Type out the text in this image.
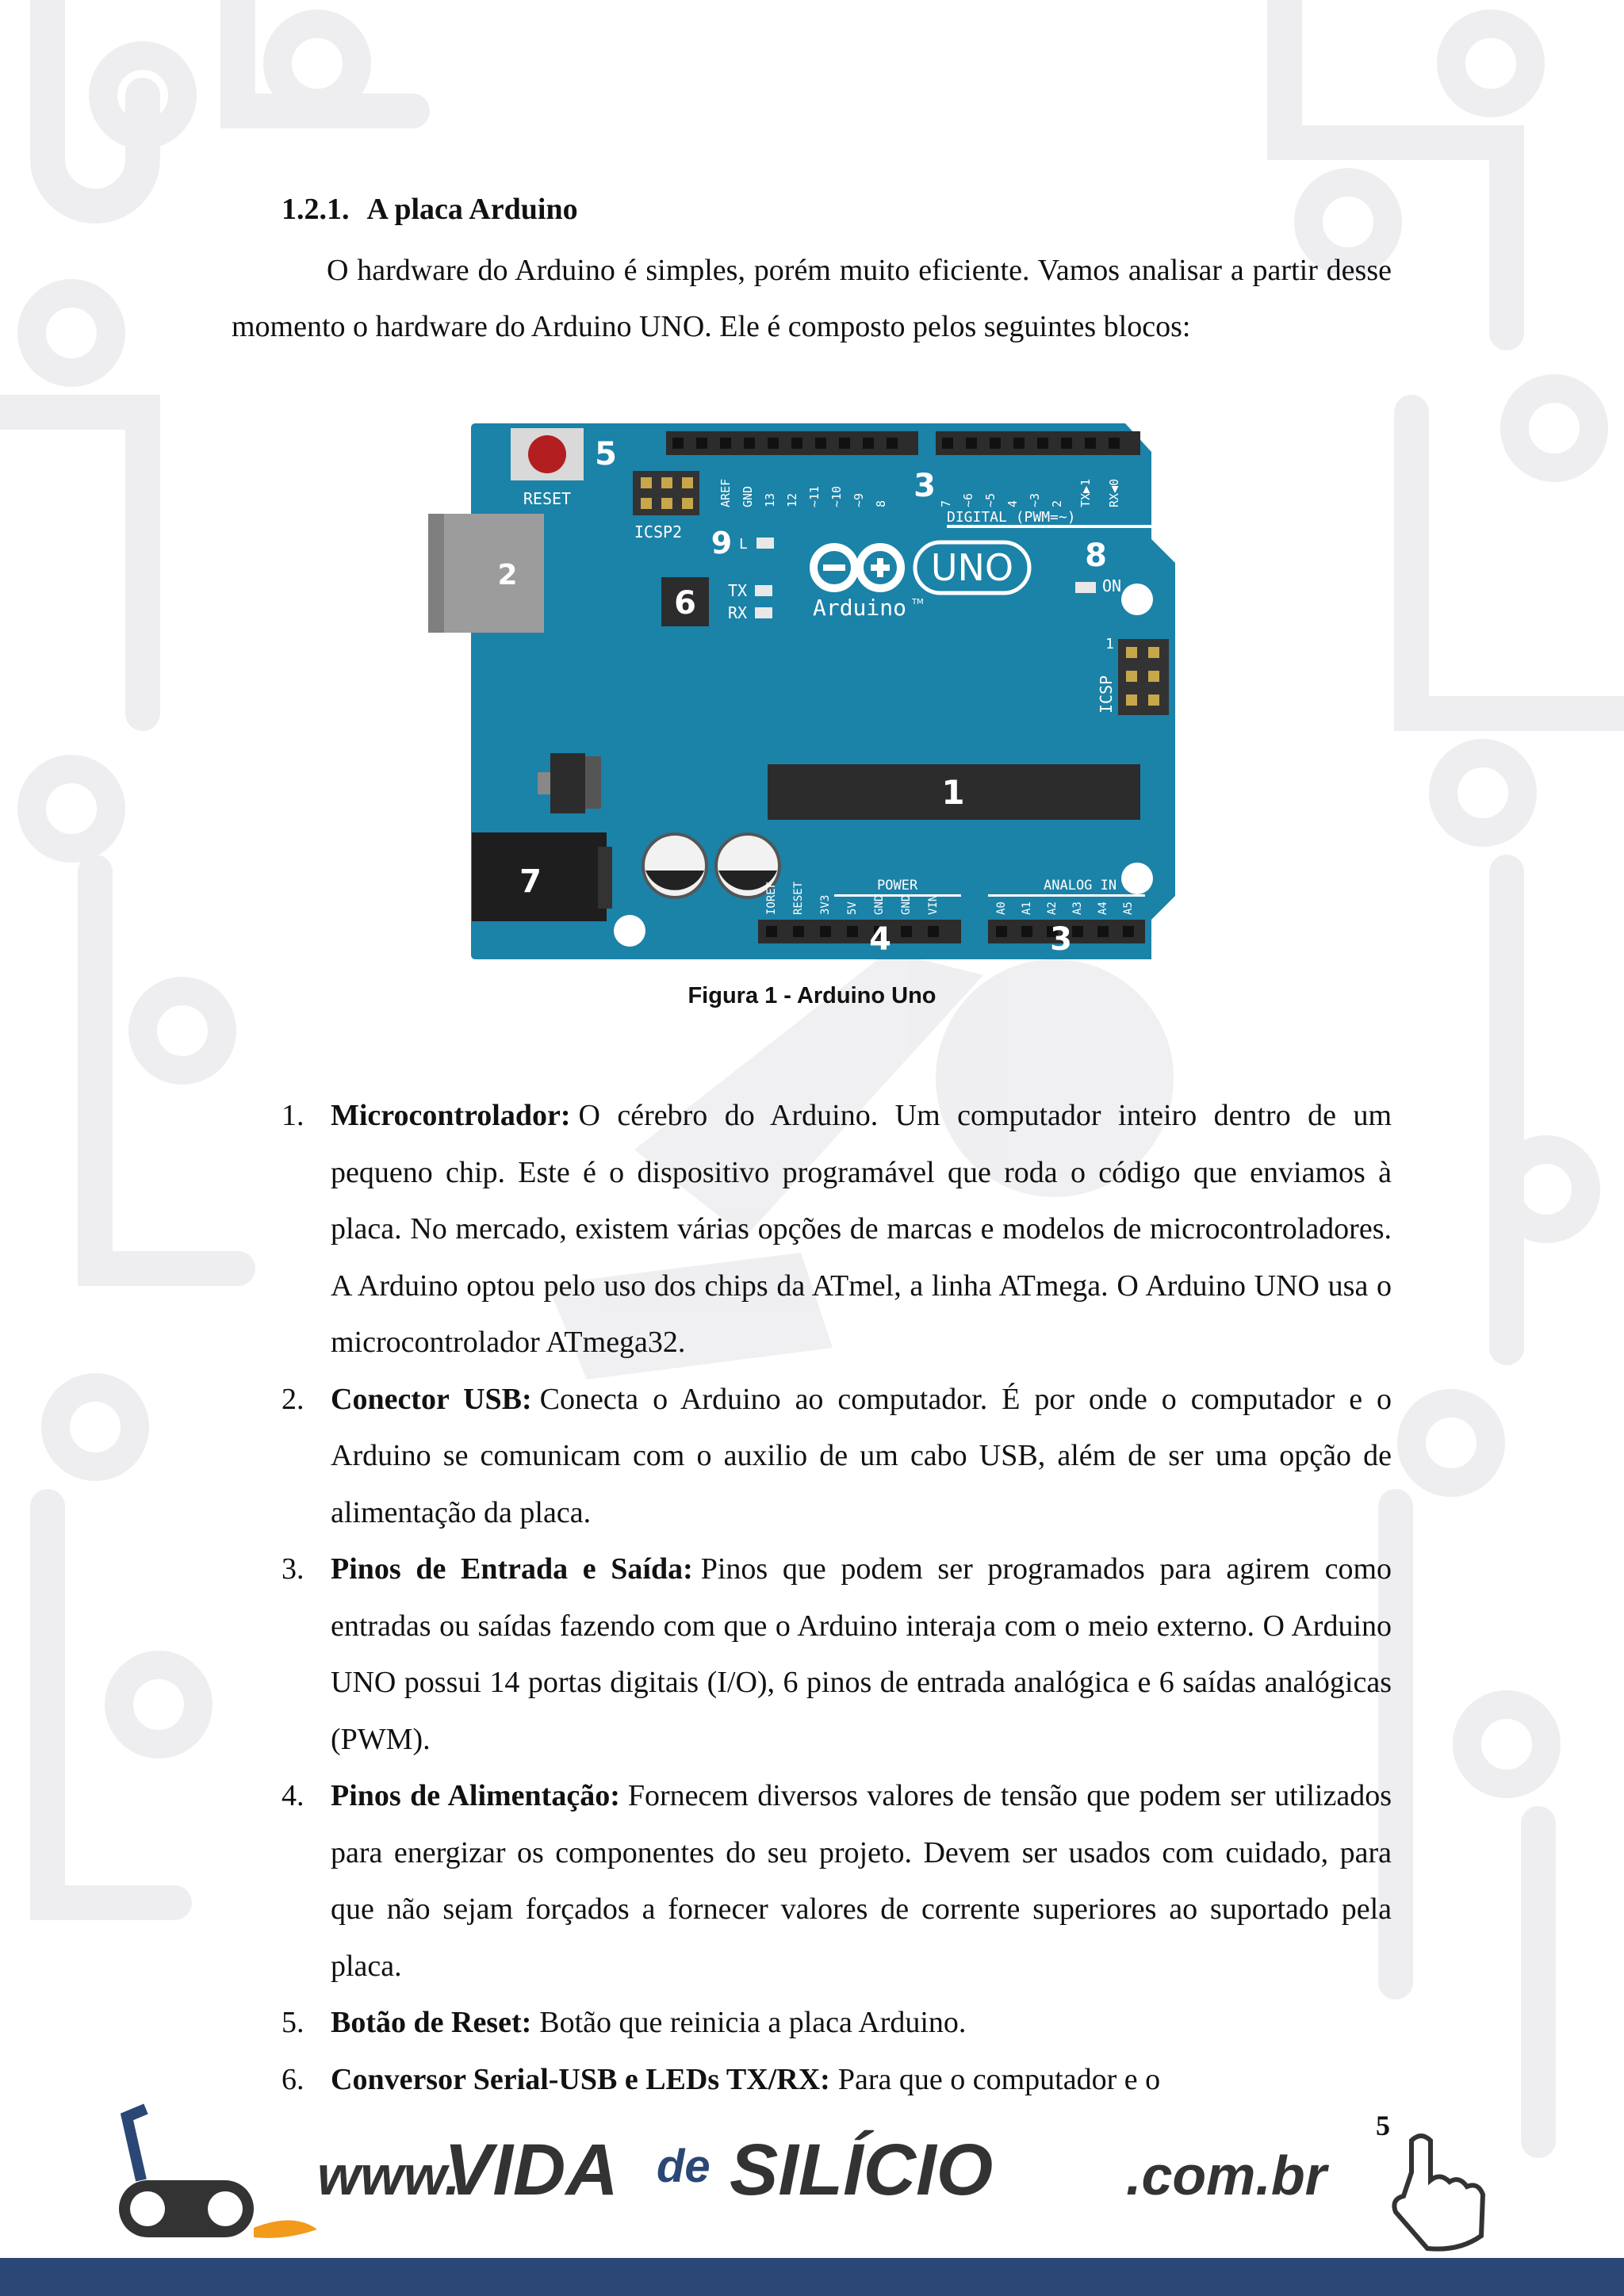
1.2.1. A placa Arduino

O hardware do Arduino é simples, porém muito eficiente. Vamos analisar a partir desse momento o hardware do Arduino UNO. Ele é composto pelos seguintes blocos:

2
7
RESET
5
ICSP2
AREF GND 13 12 ~11 ~10 ~9 8	7 ~6 ~5 4 ~3 2 TX▶1 RX◀0
3
DIGITAL (PWM=~)
9 L
6 TX
RX
8
ON
Arduino TM
UNO
ICSP
1
1
POWER
IOREF RESET 3V3 5V GND GND VIN
4
ANALOG IN
A0 A1 A2 A3 A4 A5
3
Figura 1 - Arduino Uno
1. Microcontrolador: O cérebro do Arduino. Um computador inteiro dentro de um pequeno chip. Este é o dispositivo programável que roda o código que enviamos à placa. No mercado, existem várias opções de marcas e modelos de microcontroladores. A Arduino optou pelo uso dos chips da ATmel, a linha ATmega. O Arduino UNO usa o microcontrolador ATmega32.
2. Conector USB: Conecta o Arduino ao computador. É por onde o computador e o Arduino se comunicam com o auxilio de um cabo USB, além de ser uma opção de alimentação da placa.
3. Pinos de Entrada e Saída: Pinos que podem ser programados para agirem como entradas ou saídas fazendo com que o Arduino interaja com o meio externo. O Arduino UNO possui 14 portas digitais (I/O), 6 pinos de entrada analógica e 6 saídas analógicas (PWM).
4. Pinos de Alimentação: Fornecem diversos valores de tensão que podem ser utilizados para energizar os componentes do seu projeto. Devem ser usados com cuidado, para que não sejam forçados a fornecer valores de corrente superiores ao suportado pela placa.
5. Botão de Reset: Botão que reinicia a placa Arduino.
6. Conversor Serial-USB e LEDs TX/RX: Para que o computador e o
5
www.
VIDA de SILÍCIO .com.br
